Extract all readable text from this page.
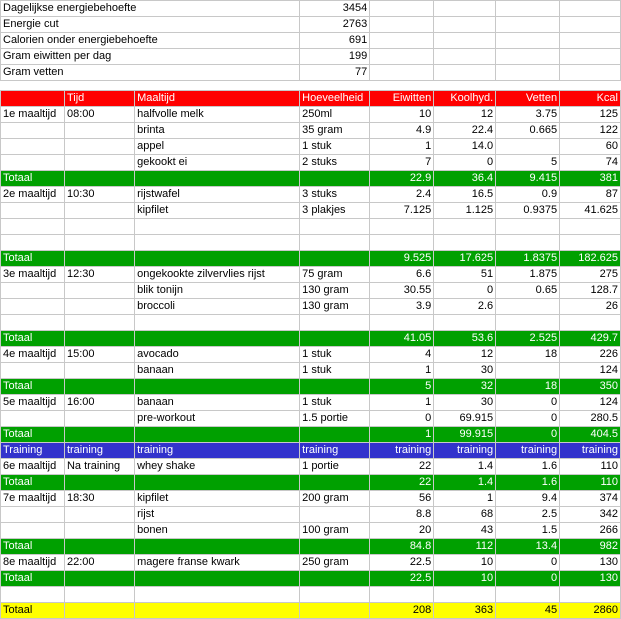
Dagelijkse energiebehoefte	3454				
Energie cut	2763				
Calorien onder energiebehoefte	691				
Gram eiwitten per dag	199				
Gram vetten	77				
	Tijd	Maaltijd	Hoeveelheid	Eiwitten	Koolhyd.	Vetten	Kcal
1e maaltijd	08:00	halfvolle melk	250ml	10	12	3.75	125
		brinta	35 gram	4.9	22.4	0.665	122
		appel	1 stuk	1	14.0		60
		gekookt ei	2 stuks	7	0	5	74
Totaal				22.9	36.4	9.415	381
2e maaltijd	10:30	rijstwafel	3 stuks	2.4	16.5	0.9	87
		kipfilet	3 plakjes	7.125	1.125	0.9375	41.625

Totaal				9.525	17.625	1.8375	182.625
3e maaltijd	12:30	ongekookte zilvervlies rijst	75 gram	6.6	51	1.875	275
		blik tonijn	130 gram	30.55	0	0.65	128.7
		broccoli	130 gram	3.9	2.6		26

Totaal				41.05	53.6	2.525	429.7
4e maaltijd	15:00	avocado	1 stuk	4	12	18	226
		banaan	1 stuk	1	30		124
Totaal				5	32	18	350
5e maaltijd	16:00	banaan	1 stuk	1	30	0	124
		pre-workout	1.5 portie	0	69.915	0	280.5
Totaal				1	99.915	0	404.5
Training	training	training	training	training	training	training	training
6e maaltijd	Na training	whey shake	1 portie	22	1.4	1.6	110
Totaal				22	1.4	1.6	110
7e maaltijd	18:30	kipfilet	200 gram	56	1	9.4	374
		rijst		8.8	68	2.5	342
		bonen	100 gram	20	43	1.5	266
Totaal				84.8	112	13.4	982
8e maaltijd	22:00	magere franse kwark	250 gram	22.5	10	0	130
Totaal				22.5	10	0	130

Totaal				208	363	45	2860
